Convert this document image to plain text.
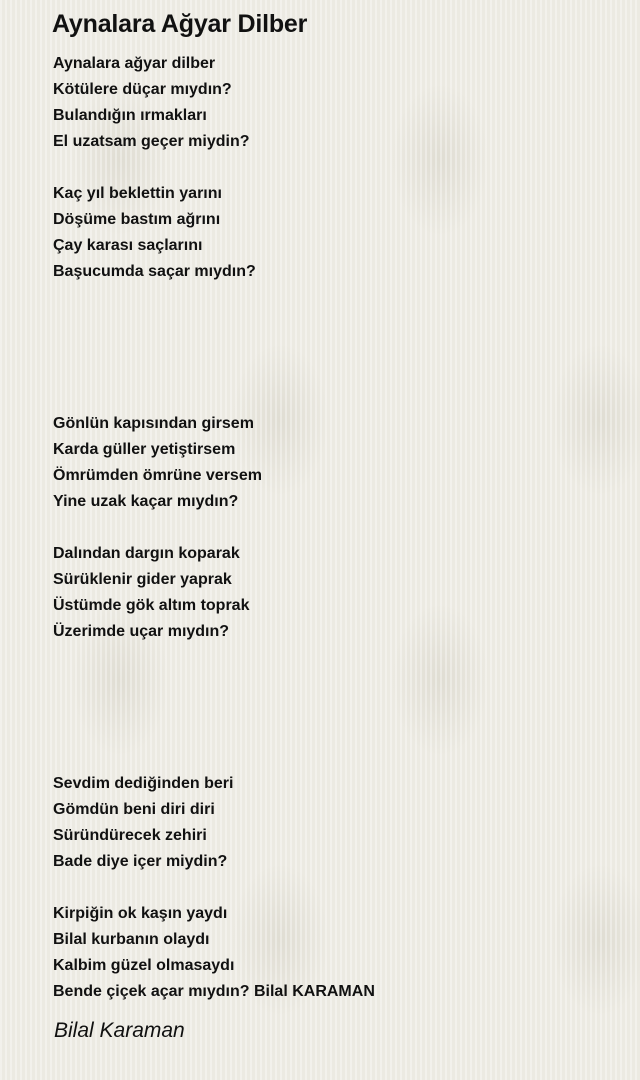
Aynalara Ağyar Dilber
Aynalara ağyar dilber
Kötülere düçar mıydın?
Bulandığın ırmakları
El uzatsam geçer miydin?
Kaç yıl beklettin yarını
Döşüme bastım ağrını
Çay karası saçlarını
Başucumda saçar mıydın?
Gönlün kapısından girsem
Karda güller yetiştirsem
Ömrümden ömrüne versem
Yine uzak kaçar mıydın?
Dalından dargın koparak
Sürüklenir gider yaprak
Üstümde gök altım toprak
Üzerimde uçar mıydın?
Sevdim dediğinden beri
Gömdün beni diri diri
Süründürecek zehiri
Bade diye içer miydin?
Kirpiğin ok kaşın yaydı
Bilal kurbanın olaydı
Kalbim güzel olmasaydı
Bende çiçek açar mıydın? Bilal KARAMAN

Bilal Karaman
